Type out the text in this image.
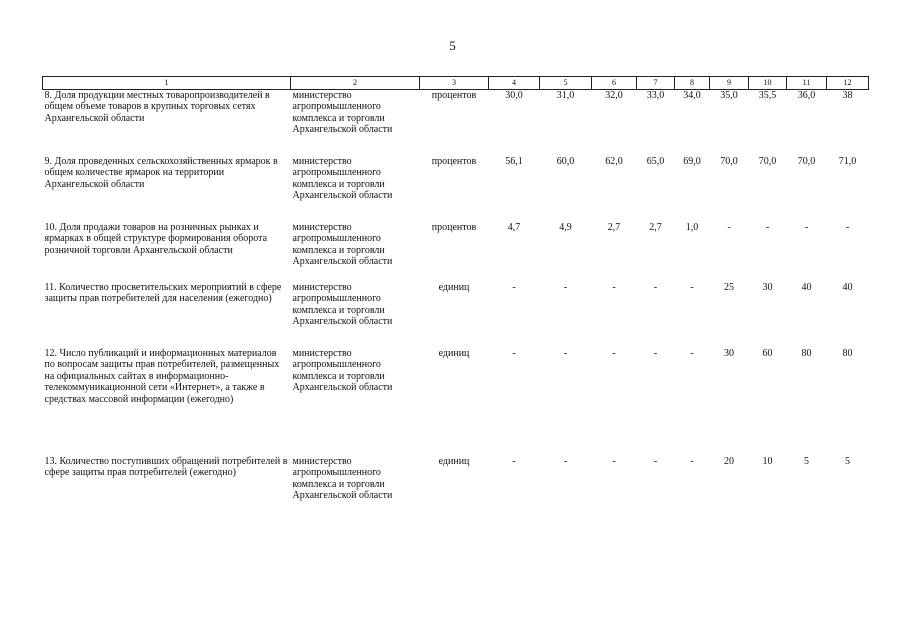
5
1	2	3	4	5	6	7	8	9	10	11	12
8. Доля продукции местных товаропроизводителей в общем объеме товаров в крупных торговых сетях Архангельской области	министерство агропромышленного комплекса и торговли Архангельской области	процентов	30,0	31,0	32,0	33,0	34,0	35,0	35,5	36,0	38
9. Доля проведенных сельскохозяйственных ярмарок в общем количестве ярмарок на территории Архангельской области	министерство агропромышленного комплекса и торговли Архангельской области	процентов	56,1	60,0	62,0	65,0	69,0	70,0	70,0	70,0	71,0
10. Доля продажи товаров на розничных рынках и ярмарках в общей структуре формирования оборота розничной торговли Архангельской области	министерство агропромышленного комплекса и торговли Архангельской области	процентов	4,7	4,9	2,7	2,7	1,0	-	-	-	-
11. Количество просветительских мероприятий в сфере защиты прав потребителей для населения (ежегодно)	министерство агропромышленного комплекса и торговли Архангельской области	единиц	-	-	-	-	-	25	30	40	40
12. Число публикаций и информационных материалов по вопросам защиты прав потребителей, размещенных на официальных сайтах в информационно-телекоммуникационной сети «Интернет», а также в средствах массовой информации (ежегодно)	министерство агропромышленного комплекса и торговли Архангельской области	единиц	-	-	-	-	-	30	60	80	80
13. Количество поступивших обращений потребителей в сфере защиты прав потребителей (ежегодно)	министерство агропромышленного комплекса и торговли Архангельской области	единиц	-	-	-	-	-	20	10	5	5
